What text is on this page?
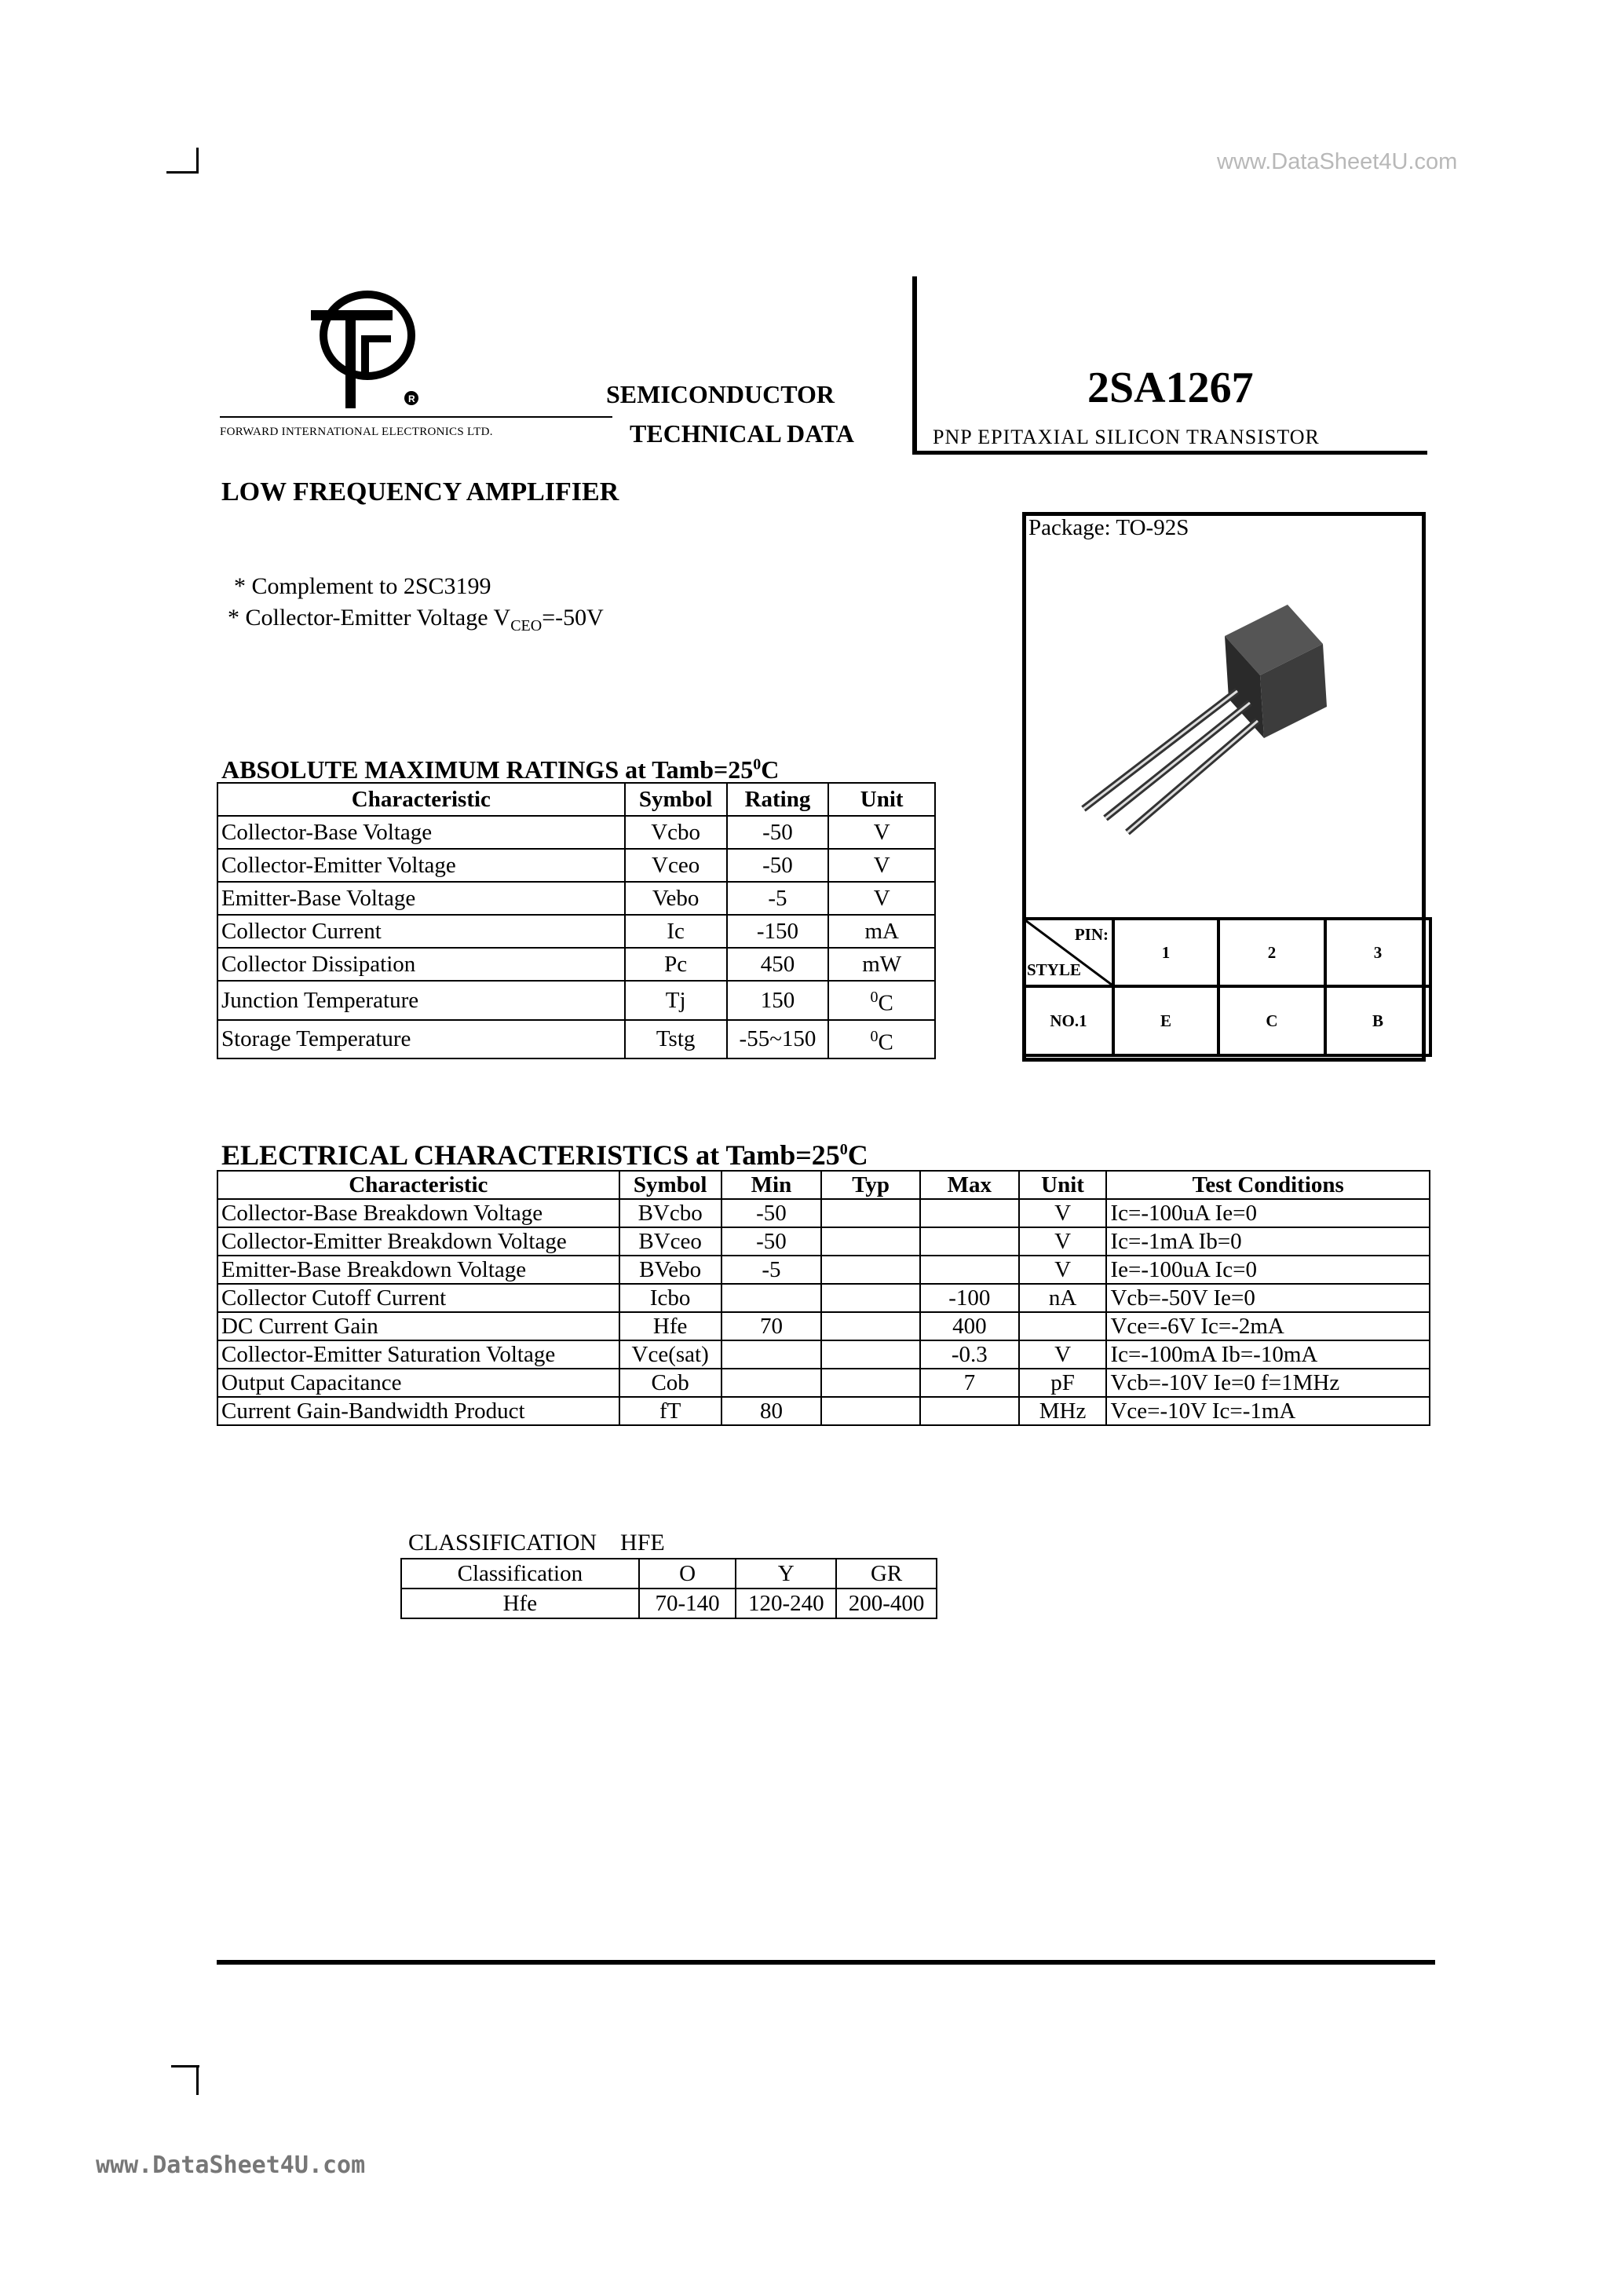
www.DataSheet4U.com
www.DataSheet4U.com
R
FORWARD INTERNATIONAL ELECTRONICS LTD.
SEMICONDUCTOR
TECHNICAL DATA
2SA1267
PNP EPITAXIAL SILICON TRANSISTOR
LOW FREQUENCY AMPLIFIER
* Complement to 2SC3199
* Collector-Emitter Voltage $V_{CEO}=-50V$
Package: TO-92S
PIN:
STYLE	1	2	3
NO.1	E	C	B
ABSOLUTE MAXIMUM RATINGS at $Tamb=25^0C$
Characteristic	Symbol	Rating	Unit
Collector-Base Voltage	Vcbo	-50	V
Collector-Emitter Voltage	Vceo	-50	V
Emitter-Base Voltage	Vebo	-5	V
Collector Current	Ic	-150	mA
Collector Dissipation	Pc	450	mW
Junction Temperature	Tj	150	$^0$C
Storage Temperature	Tstg	-55~150	$^0$C
ELECTRICAL CHARACTERISTICS at $Tamb=25^0C$
Characteristic	Symbol	Min	Typ	Max	Unit	Test Conditions
Collector-Base Breakdown Voltage	BVcbo	-50			V	Ic=-100uA Ie=0
Collector-Emitter Breakdown Voltage	BVceo	-50			V	Ic=-1mA Ib=0
Emitter-Base Breakdown Voltage	BVebo	-5			V	Ie=-100uA Ic=0
Collector Cutoff Current	Icbo			-100	nA	Vcb=-50V Ie=0
DC Current Gain	Hfe	70		400		Vce=-6V Ic=-2mA
Collector-Emitter Saturation Voltage	Vce(sat)			-0.3	V	Ic=-100mA Ib=-10mA
Output Capacitance	Cob			7	pF	Vcb=-10V Ie=0 f=1MHz
Current Gain-Bandwidth Product	fT	80			MHz	Vce=-10V Ic=-1mA
CLASSIFICATION    HFE
Classification	O	Y	GR
Hfe	70-140	120-240	200-400
